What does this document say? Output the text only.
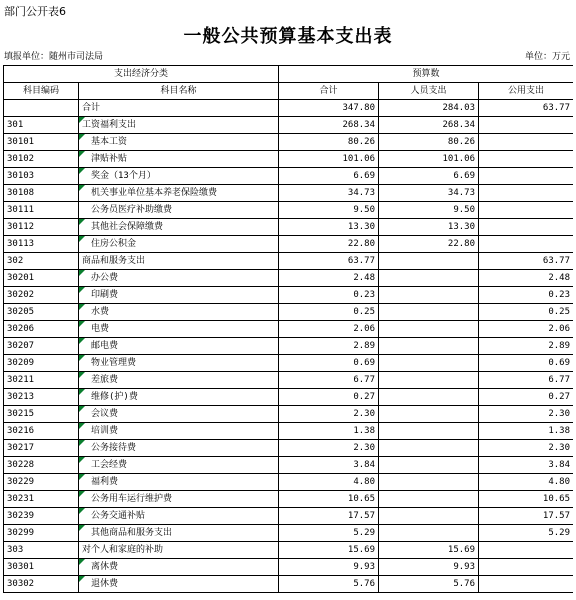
部门公开表6
一般公共预算基本支出表
填报单位：随州市司法局	单位：万元
支出经济分类		预算数		
科目编码	科目名称	合计	人员支出	公用支出
	合计	347.80	284.03	63.77
301	工资福利支出	268.34	268.34	
30101	基本工资	80.26	80.26	
30102	津贴补贴	101.06	101.06	
30103	奖金（13个月）	6.69	6.69	
30108	机关事业单位基本养老保险缴费	34.73	34.73	
30111	公务员医疗补助缴费	9.50	9.50	
30112	其他社会保障缴费	13.30	13.30	
30113	住房公积金	22.80	22.80	
302	商品和服务支出	63.77		63.77
30201	办公费	2.48		2.48
30202	印刷费	0.23		0.23
30205	水费	0.25		0.25
30206	电费	2.06		2.06
30207	邮电费	2.89		2.89
30209	物业管理费	0.69		0.69
30211	差旅费	6.77		6.77
30213	维修(护)费	0.27		0.27
30215	会议费	2.30		2.30
30216	培训费	1.38		1.38
30217	公务接待费	2.30		2.30
30228	工会经费	3.84		3.84
30229	福利费	4.80		4.80
30231	公务用车运行维护费	10.65		10.65
30239	公务交通补贴	17.57		17.57
30299	其他商品和服务支出	5.29		5.29
303	对个人和家庭的补助	15.69	15.69	
30301	离休费	9.93	9.93	
30302	退休费	5.76	5.76	
